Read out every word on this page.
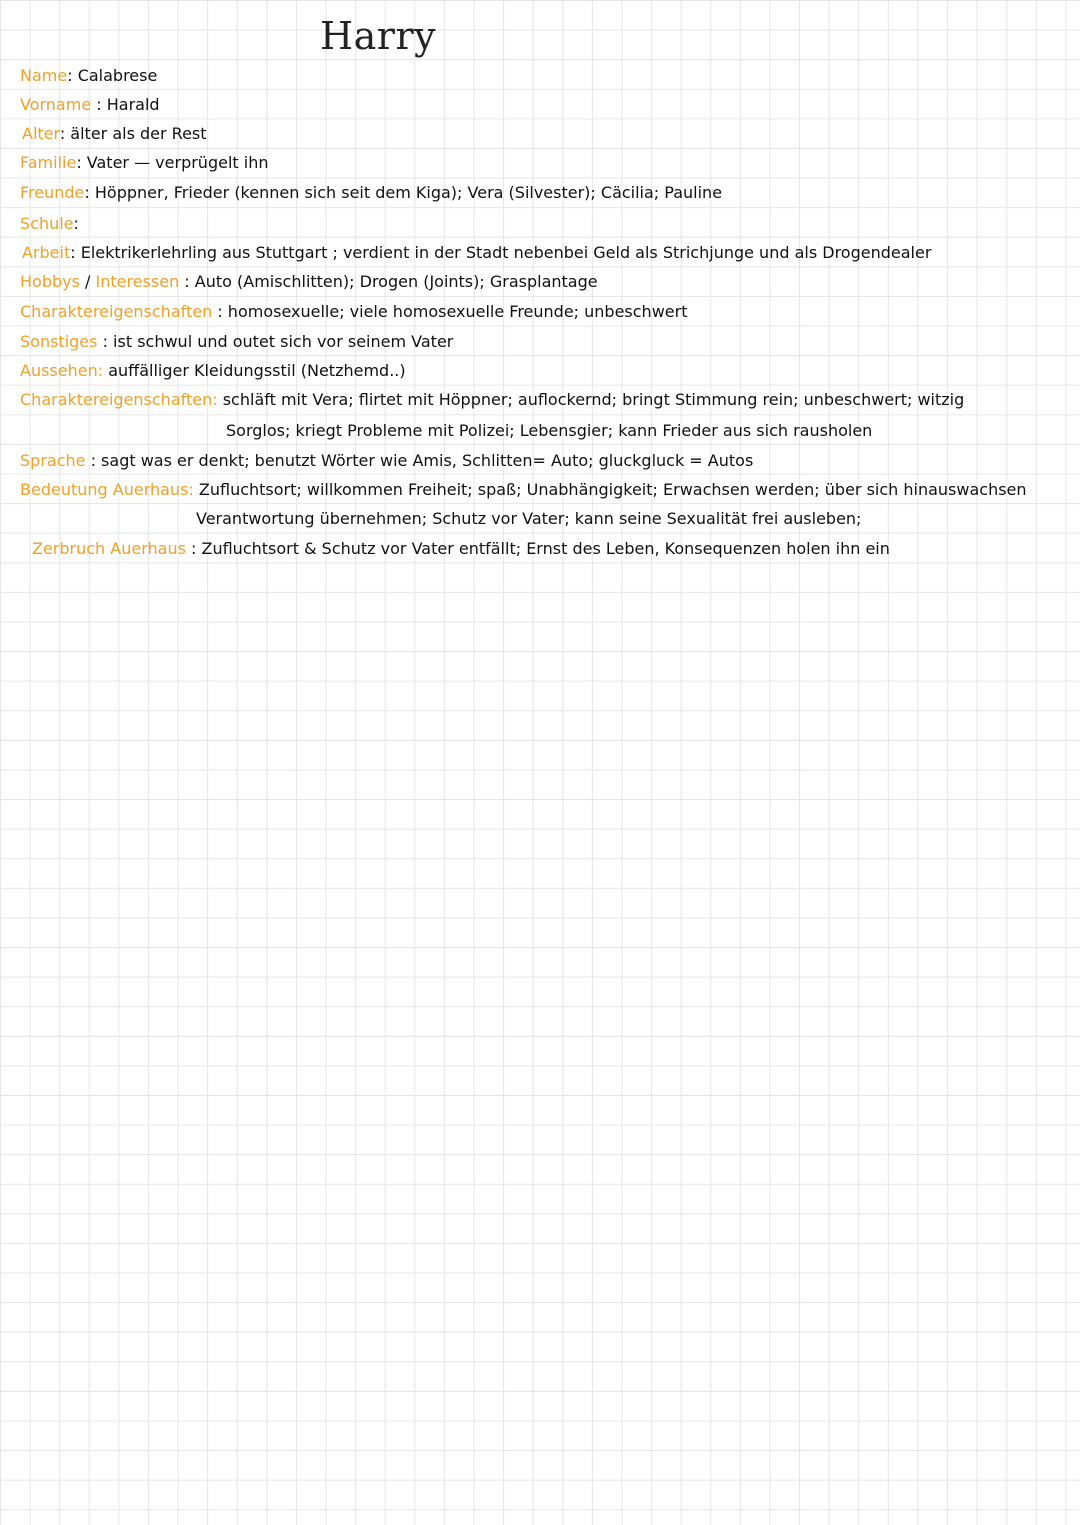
Harry
Name: Calabrese
Vorname : Harald
Alter: älter als der Rest
Familie: Vater — verprügelt ihn
Freunde: Höppner, Frieder (kennen sich seit dem Kiga); Vera (Silvester); Cäcilia; Pauline
Schule:
Arbeit: Elektrikerlehrling aus Stuttgart ; verdient in der Stadt nebenbei Geld als Strichjunge und als Drogendealer
Hobbys / Interessen : Auto (Amischlitten); Drogen (Joints); Grasplantage
Charaktereigenschaften : homosexuelle; viele homosexuelle Freunde; unbeschwert
Sonstiges : ist schwul und outet sich vor seinem Vater
Aussehen: auffälliger Kleidungsstil (Netzhemd..)
Charaktereigenschaften: schläft mit Vera; flirtet mit Höppner; auflockernd; bringt Stimmung rein; unbeschwert; witzig
Sorglos; kriegt Probleme mit Polizei; Lebensgier; kann Frieder aus sich rausholen
Sprache : sagt was er denkt; benutzt Wörter wie Amis, Schlitten= Auto; gluckgluck = Autos
Bedeutung Auerhaus: Zufluchtsort; willkommen Freiheit; spaß; Unabhängigkeit; Erwachsen werden; über sich hinauswachsen
Verantwortung übernehmen; Schutz vor Vater; kann seine Sexualität frei ausleben;
Zerbruch Auerhaus : Zufluchtsort & Schutz vor Vater entfällt; Ernst des Leben, Konsequenzen holen ihn ein
